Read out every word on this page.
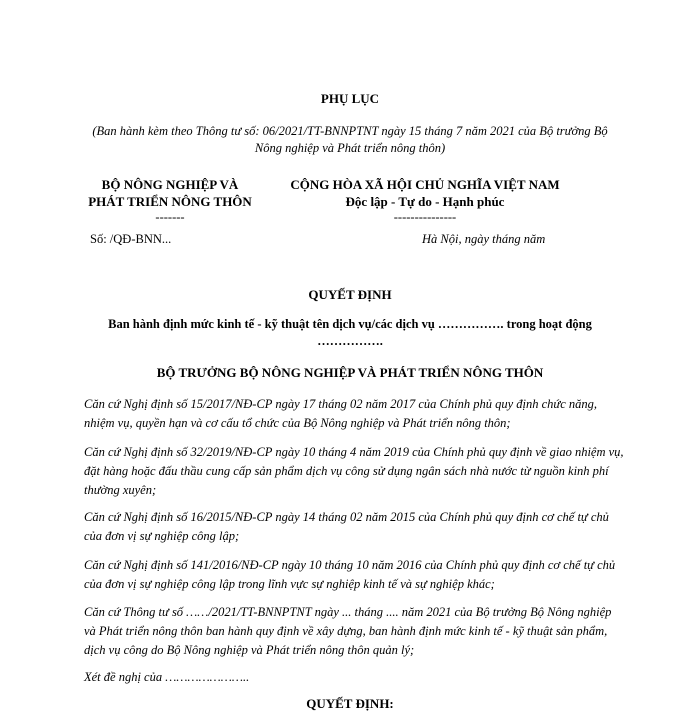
PHỤ LỤC
(Ban hành kèm theo Thông tư số: 06/2021/TT-BNNPTNT ngày 15 tháng 7 năm 2021 của Bộ trưởng Bộ Nông nghiệp và Phát triển nông thôn)
BỘ NÔNG NGHIỆP VÀ
PHÁT TRIỂN NÔNG THÔN
CỘNG HÒA XÃ HỘI CHỦ NGHĨA VIỆT NAM
Độc lập - Tự do - Hạnh phúc
-------	---------------
Số: /QĐ-BNN...	Hà Nội, ngày tháng năm
QUYẾT ĐỊNH
Ban hành định mức kinh tế - kỹ thuật tên dịch vụ/các dịch vụ ……………. trong hoạt động …………….
BỘ TRƯỞNG BỘ NÔNG NGHIỆP VÀ PHÁT TRIỂN NÔNG THÔN
Căn cứ Nghị định số 15/2017/NĐ-CP ngày 17 tháng 02 năm 2017 của Chính phủ quy định chức năng, nhiệm vụ, quyền hạn và cơ cấu tổ chức của Bộ Nông nghiệp và Phát triển nông thôn;
Căn cứ Nghị định số 32/2019/NĐ-CP ngày 10 tháng 4 năm 2019 của Chính phủ quy định về giao nhiệm vụ, đặt hàng hoặc đấu thầu cung cấp sản phẩm dịch vụ công sử dụng ngân sách nhà nước từ nguồn kinh phí thường xuyên;
Căn cứ Nghị định số 16/2015/NĐ-CP ngày 14 tháng 02 năm 2015 của Chính phủ quy định cơ chế tự chủ của đơn vị sự nghiệp công lập;
Căn cứ Nghị định số 141/2016/NĐ-CP ngày 10 tháng 10 năm 2016 của Chính phủ quy định cơ chế tự chủ của đơn vị sự nghiệp công lập trong lĩnh vực sự nghiệp kinh tế và sự nghiệp khác;
Căn cứ Thông tư số ……/2021/TT-BNNPTNT ngày ... tháng .... năm 2021 của Bộ trưởng Bộ Nông nghiệp và Phát triển nông thôn ban hành quy định về xây dựng, ban hành định mức kinh tế - kỹ thuật sản phẩm, dịch vụ công do Bộ Nông nghiệp và Phát triển nông thôn quản lý;
Xét đề nghị của …………………..
QUYẾT ĐỊNH:
